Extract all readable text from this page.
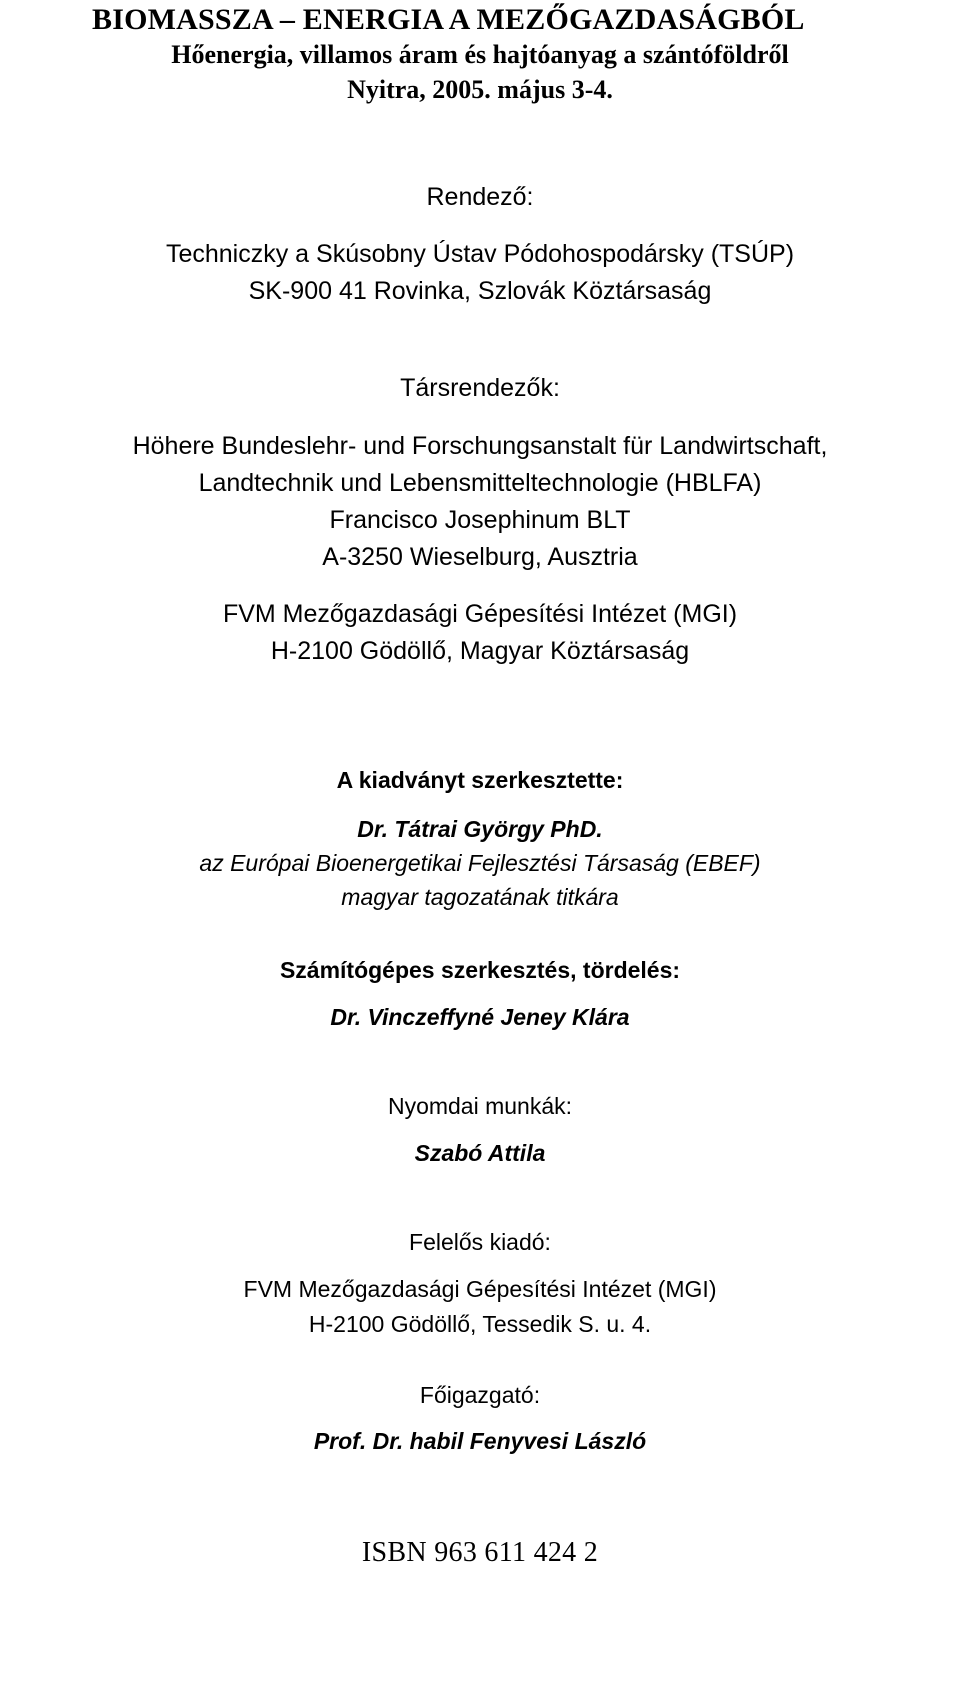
BIOMASSZA – ENERGIA A MEZŐGAZDASÁGBÓL
Hőenergia, villamos áram és hajtóanyag a szántóföldről
Nyitra, 2005. május 3-4.
Rendező:
Techniczky a Skúsobny Ústav Pódohospodársky (TSÚP)
SK-900 41 Rovinka, Szlovák Köztársaság
Társrendezők:
Höhere Bundeslehr- und Forschungsanstalt für Landwirtschaft,
Landtechnik und Lebensmitteltechnologie (HBLFA)
Francisco Josephinum BLT
A-3250 Wieselburg, Ausztria
FVM Mezőgazdasági Gépesítési Intézet (MGI)
H-2100 Gödöllő, Magyar Köztársaság
A kiadványt szerkesztette:
Dr. Tátrai György PhD.
az Európai Bioenergetikai Fejlesztési Társaság (EBEF)
magyar tagozatának titkára
Számítógépes szerkesztés, tördelés:
Dr. Vinczeffyné Jeney Klára
Nyomdai munkák:
Szabó Attila
Felelős kiadó:
FVM Mezőgazdasági Gépesítési Intézet (MGI)
H-2100 Gödöllő, Tessedik S. u. 4.
Főigazgató:
Prof. Dr. habil Fenyvesi László
ISBN 963 611 424 2
